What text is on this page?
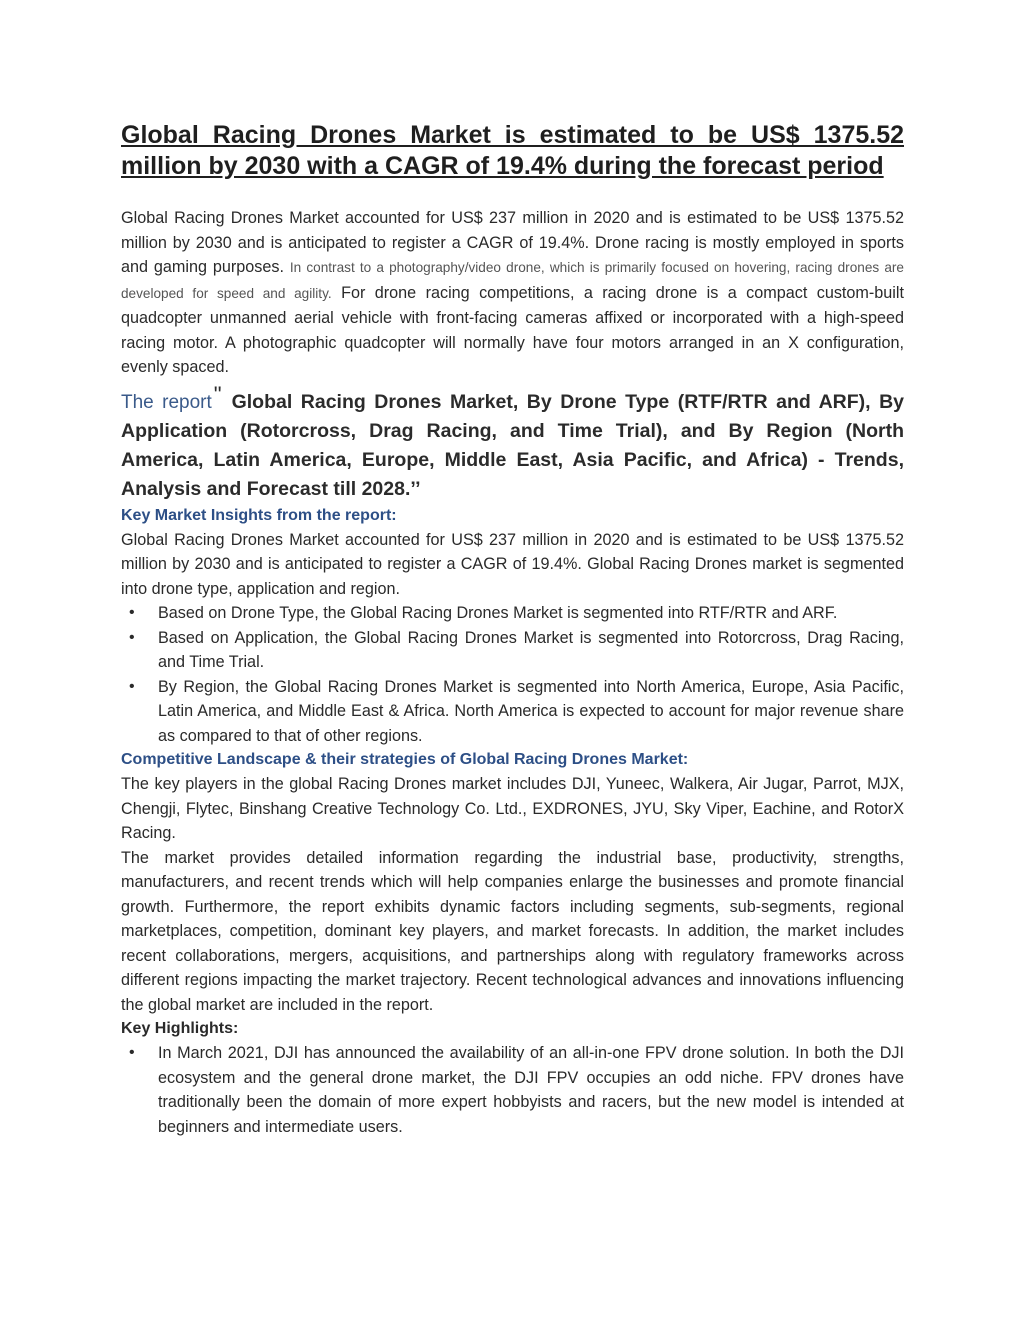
Global Racing Drones Market is estimated to be US$ 1375.52 million by 2030 with a CAGR of 19.4% during the forecast period

Global Racing Drones Market accounted for US$ 237 million in 2020 and is estimated to be US$ 1375.52 million by 2030 and is anticipated to register a CAGR of 19.4%. Drone racing is mostly employed in sports and gaming purposes. In contrast to a photography/video drone, which is primarily focused on hovering, racing drones are developed for speed and agility. For drone racing competitions, a racing drone is a compact custom-built quadcopter unmanned aerial vehicle with front-facing cameras affixed or incorporated with a high-speed racing motor. A photographic quadcopter will normally have four motors arranged in an X configuration, evenly spaced.

The report" Global Racing Drones Market, By Drone Type (RTF/RTR and ARF), By Application (Rotorcross, Drag Racing, and Time Trial), and By Region (North America, Latin America, Europe, Middle East, Asia Pacific, and Africa) - Trends, Analysis and Forecast till 2028.’’

Key Market Insights from the report:

Global Racing Drones Market accounted for US$ 237 million in 2020 and is estimated to be US$ 1375.52 million by 2030 and is anticipated to register a CAGR of 19.4%. Global Racing Drones market is segmented into drone type, application and region.

• Based on Drone Type, the Global Racing Drones Market is segmented into RTF/RTR and ARF.
• Based on Application, the Global Racing Drones Market is segmented into Rotorcross, Drag Racing, and Time Trial.
• By Region, the Global Racing Drones Market is segmented into North America, Europe, Asia Pacific, Latin America, and Middle East & Africa. North America is expected to account for major revenue share as compared to that of other regions.

Competitive Landscape & their strategies of Global Racing Drones Market:

The key players in the global Racing Drones market includes DJI, Yuneec, Walkera, Air Jugar, Parrot, MJX, Chengji, Flytec, Binshang Creative Technology Co. Ltd., EXDRONES, JYU, Sky Viper, Eachine, and RotorX Racing.

The market provides detailed information regarding the industrial base, productivity, strengths, manufacturers, and recent trends which will help companies enlarge the businesses and promote financial growth. Furthermore, the report exhibits dynamic factors including segments, sub-segments, regional marketplaces, competition, dominant key players, and market forecasts. In addition, the market includes recent collaborations, mergers, acquisitions, and partnerships along with regulatory frameworks across different regions impacting the market trajectory. Recent technological advances and innovations influencing the global market are included in the report.

Key Highlights:

• In March 2021, DJI has announced the availability of an all-in-one FPV drone solution. In both the DJI ecosystem and the general drone market, the DJI FPV occupies an odd niche. FPV drones have traditionally been the domain of more expert hobbyists and racers, but the new model is intended at beginners and intermediate users.
